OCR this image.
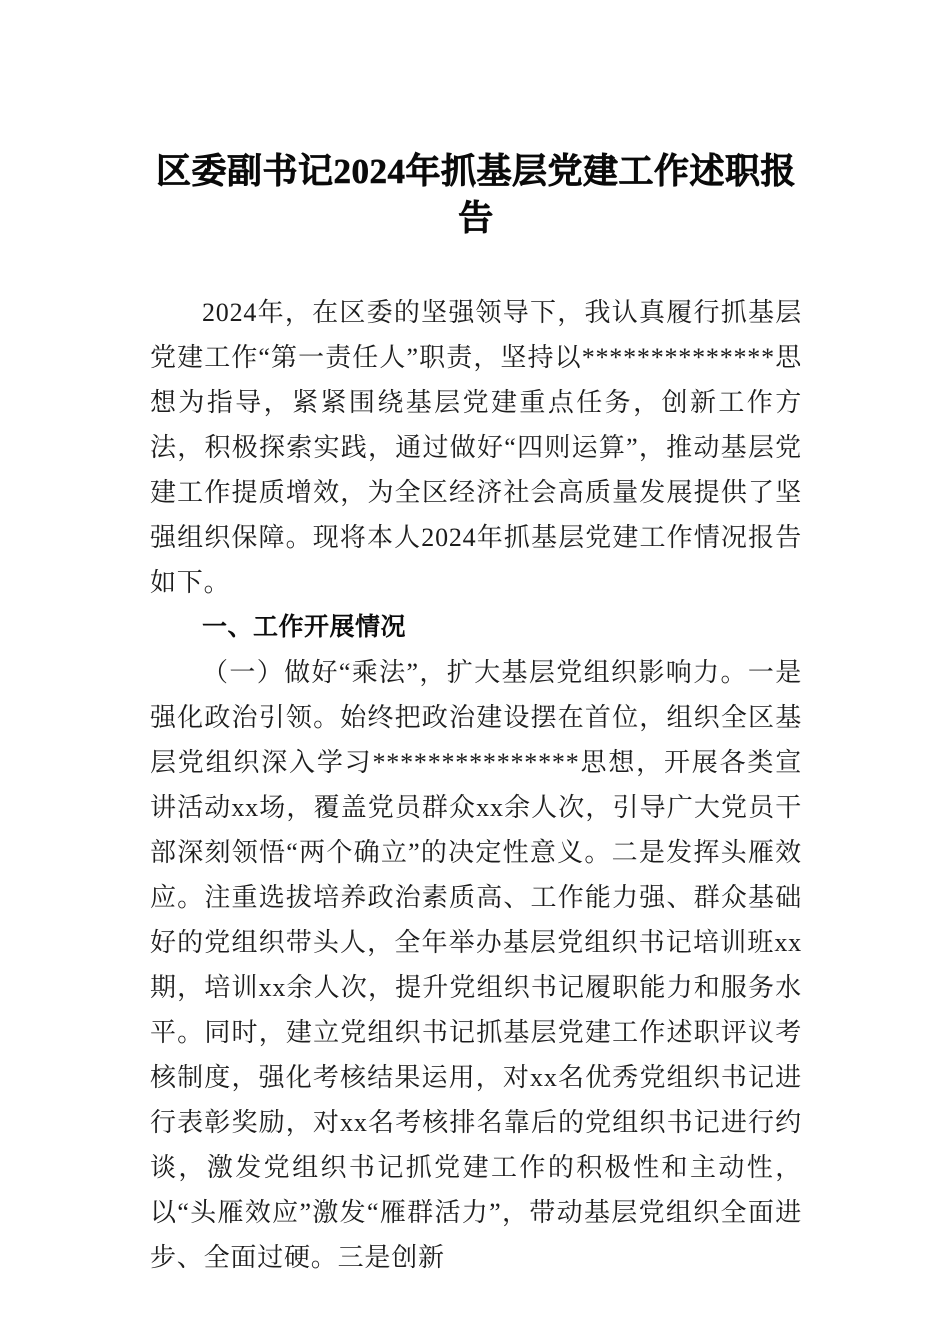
区委副书记2024年抓基层党建工作述职报告

2024年，在区委的坚强领导下，我认真履行抓基层党建工作“第一责任人”职责，坚持以**************思想为指导，紧紧围绕基层党建重点任务，创新工作方法，积极探索实践，通过做好“四则运算”，推动基层党建工作提质增效，为全区经济社会高质量发展提供了坚强组织保障。现将本人2024年抓基层党建工作情况报告如下。

一、工作开展情况

（一）做好“乘法”，扩大基层党组织影响力。一是强化政治引领。始终把政治建设摆在首位，组织全区基层党组织深入学习***************思想，开展各类宣讲活动xx场，覆盖党员群众xx余人次，引导广大党员干部深刻领悟“两个确立”的决定性意义。二是发挥头雁效应。注重选拔培养政治素质高、工作能力强、群众基础好的党组织带头人，全年举办基层党组织书记培训班xx期，培训xx余人次，提升党组织书记履职能力和服务水平。同时，建立党组织书记抓基层党建工作述职评议考核制度，强化考核结果运用，对xx名优秀党组织书记进行表彰奖励，对xx名考核排名靠后的党组织书记进行约谈，激发党组织书记抓党建工作的积极性和主动性，以“头雁效应”激发“雁群活力”，带动基层党组织全面进步、全面过硬。三是创新
